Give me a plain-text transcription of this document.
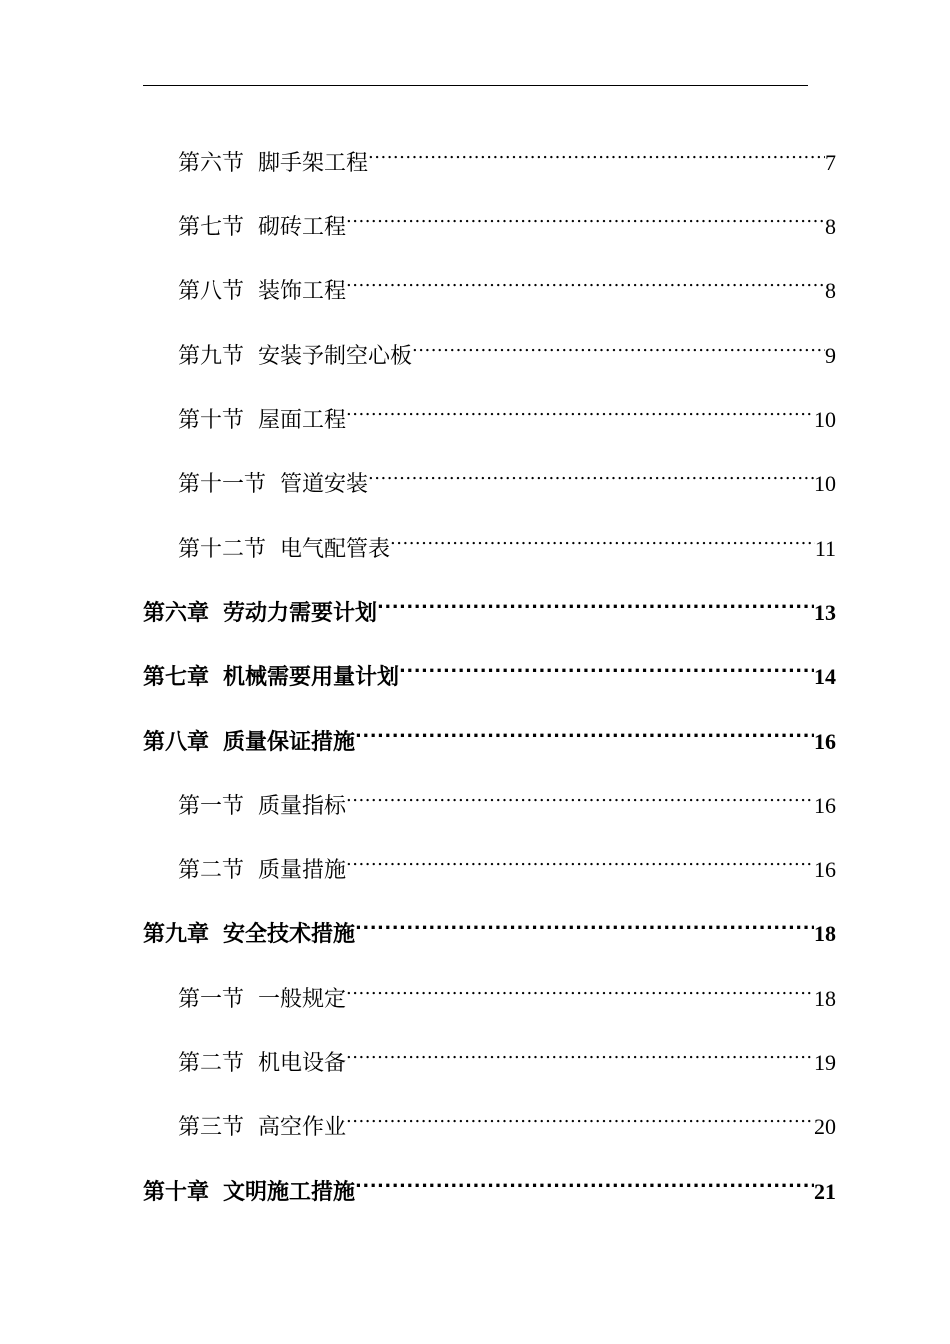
第六节 脚手架工程 .....	7
第七节 砌砖工程 .....	8
第八节 装饰工程 .....	8
第九节 安装予制空心板 .....	9
第十节 屋面工程 .....	10
第十一节 管道安装 .....	10
第十二节 电气配管表 .....	11
第六章 劳动力需要计划 .....	13
第七章 机械需要用量计划 .....	14
第八章 质量保证措施 .....	16
第一节 质量指标 .....	16
第二节 质量措施 .....	16
第九章 安全技术措施 .....	18
第一节 一般规定 .....	18
第二节 机电设备 .....	19
第三节 高空作业 .....	20
第十章 文明施工措施 .....	21
